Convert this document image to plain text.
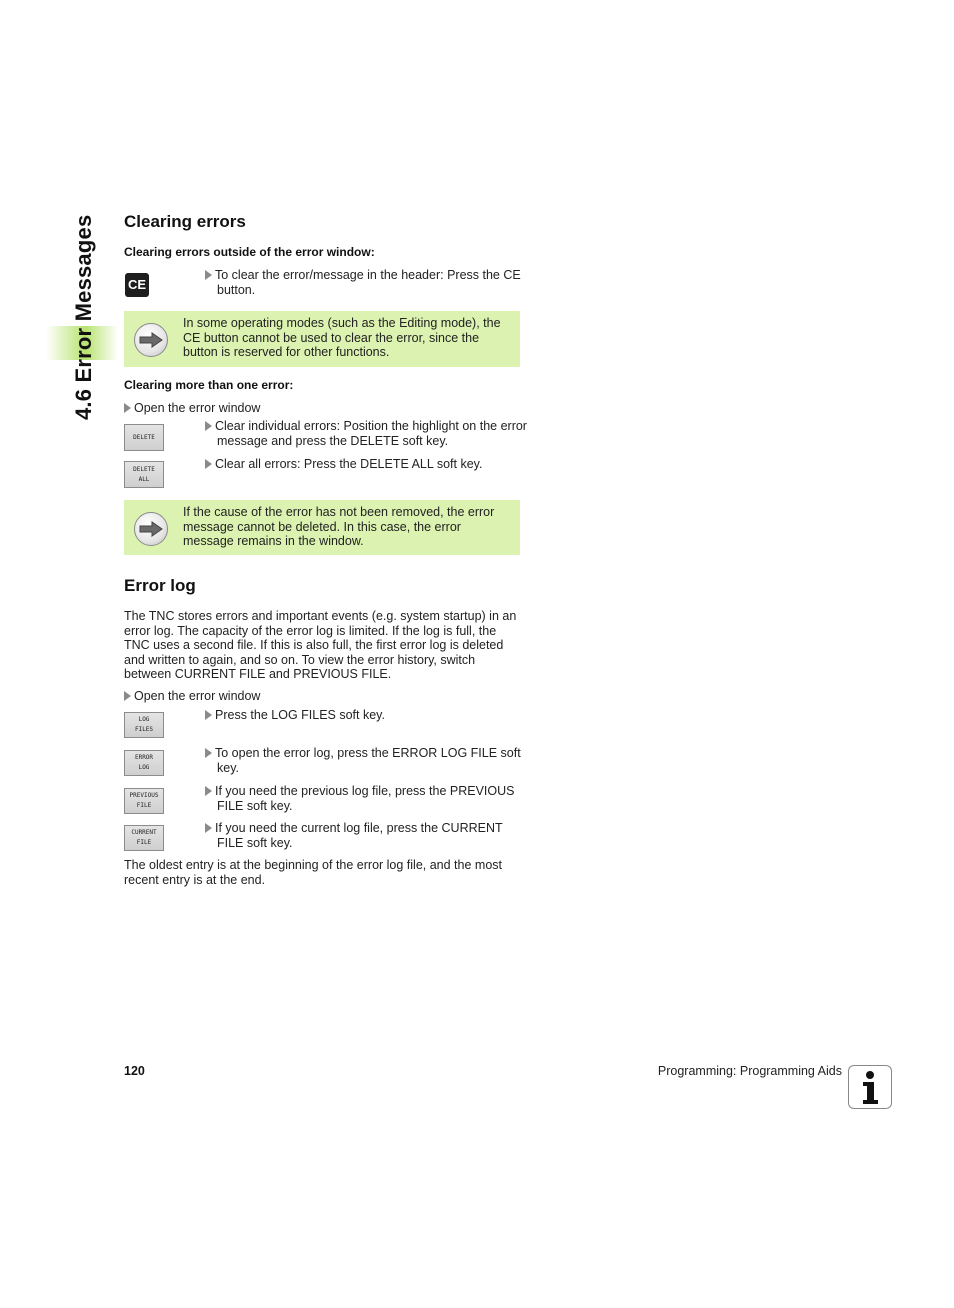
4.6 Error Messages Clearing errors
Clearing errors outside of the error window:
CE
To clear the error/message in the header: Press the CE button.
In some operating modes (such as the Editing mode), the CE button cannot be used to clear the error, since the button is reserved for other functions.
Clearing more than one error:
Open the error window
DELETE
Clear individual errors: Position the highlight on the error message and press the DELETE soft key.
DELETE
ALL
Clear all errors: Press the DELETE ALL soft key.
If the cause of the error has not been removed, the error message cannot be deleted. In this case, the error message remains in the window.
Error log
The TNC stores errors and important events (e.g. system startup) in an error log. The capacity of the error log is limited. If the log is full, the TNC uses a second file. If this is also full, the first error log is deleted and written to again, and so on. To view the error history, switch between CURRENT FILE and PREVIOUS FILE.
Open the error window
LOG
FILES
Press the LOG FILES soft key.
ERROR
LOG
To open the error log, press the ERROR LOG FILE soft key.
PREVIOUS
FILE
If you need the previous log file, press the PREVIOUS FILE soft key.
CURRENT
FILE
If you need the current log file, press the CURRENT FILE soft key.
The oldest entry is at the beginning of the error log file, and the most recent entry is at the end.
120	Programming: Programming Aids
